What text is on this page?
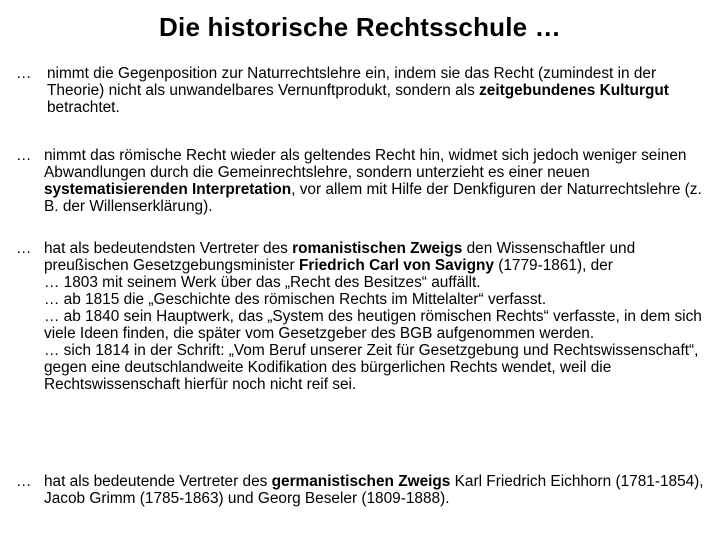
Die historische Rechtsschule …
… nimmt die Gegenposition zur Naturrechtslehre ein, indem sie das Recht (zumindest in der Theorie) nicht als unwandelbares Vernunftprodukt, sondern als zeitgebundenes Kulturgut betrachtet.
… nimmt das römische Recht wieder als geltendes Recht hin, widmet sich jedoch weniger seinen Abwandlungen durch die Gemeinrechtslehre, sondern unterzieht es einer neuen systematisierenden Interpretation, vor allem mit Hilfe der Denkfiguren der Naturrechtslehre (z. B. der Willenserklärung).
… hat als bedeutendsten Vertreter des romanistischen Zweigs den Wissenschaftler und preußischen Gesetzgebungsminister Friedrich Carl von Savigny (1779-1861), der
… 1803 mit seinem Werk über das „Recht des Besitzes“ auffällt.
… ab 1815 die „Geschichte des römischen Rechts im Mittelalter“ verfasst.
… ab 1840 sein Hauptwerk, das „System des heutigen römischen Rechts“ verfasste, in dem sich viele Ideen finden, die später vom Gesetzgeber des BGB aufgenommen werden.
… sich 1814 in der Schrift: „Vom Beruf unserer Zeit für Gesetzgebung und Rechtswissenschaft“, gegen eine deutschlandweite Kodifikation des bürgerlichen Rechts wendet, weil die Rechtswissenschaft hierfür noch nicht reif sei.
… hat als bedeutende Vertreter des germanistischen Zweigs Karl Friedrich Eichhorn (1781-1854), Jacob Grimm (1785-1863) und Georg Beseler (1809-1888).
